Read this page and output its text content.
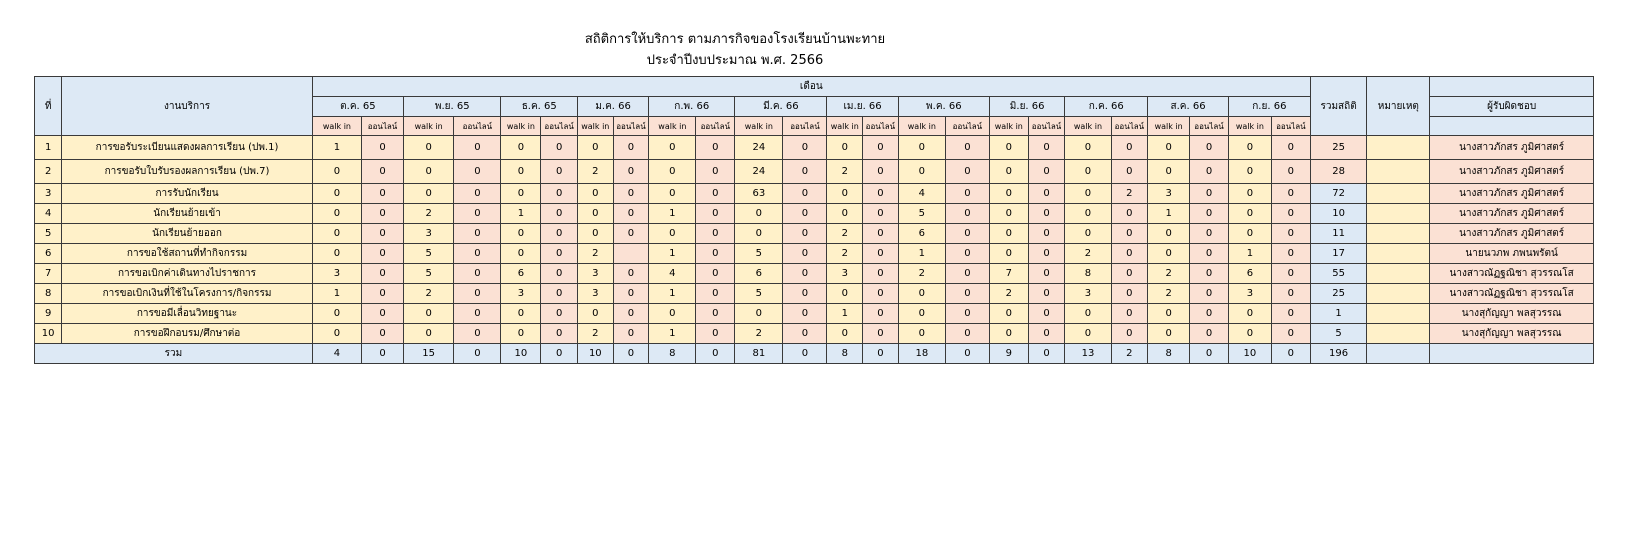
สถิติการให้บริการ ตามภารกิจของโรงเรียนบ้านพะทาย
ประจำปีงบประมาณ พ.ศ. 2566
ที่	งานบริการ	เดือน																								รวมสถิติ	หมายเหตุ	
		ต.ค. 65		พ.ย. 65		ธ.ค. 65		ม.ค. 66		ก.พ. 66		มี.ค. 66		เม.ย. 66		พ.ค. 66		มิ.ย. 66		ก.ค. 66		ส.ค. 66		ก.ย. 66				ผู้รับผิดชอบ
		walk in	ออนไลน์	walk in	ออนไลน์	walk in	ออนไลน์	walk in	ออนไลน์	walk in	ออนไลน์	walk in	ออนไลน์	walk in	ออนไลน์	walk in	ออนไลน์	walk in	ออนไลน์	walk in	ออนไลน์	walk in	ออนไลน์	walk in	ออนไลน์			
1	การขอรับระเบียนแสดงผลการเรียน (ปพ.1)	1	0	0	0	0	0	0	0	0	0	24	0	0	0	0	0	0	0	0	0	0	0	0	0	25		นางสาวภักสร ภูมิศาสตร์
2	การขอรับใบรับรองผลการเรียน (ปพ.7)	0	0	0	0	0	0	2	0	0	0	24	0	2	0	0	0	0	0	0	0	0	0	0	0	28		นางสาวภักสร ภูมิศาสตร์
3	การรับนักเรียน	0	0	0	0	0	0	0	0	0	0	63	0	0	0	4	0	0	0	0	2	3	0	0	0	72		นางสาวภักสร ภูมิศาสตร์
4	นักเรียนย้ายเข้า	0	0	2	0	1	0	0	0	1	0	0	0	0	0	5	0	0	0	0	0	1	0	0	0	10		นางสาวภักสร ภูมิศาสตร์
5	นักเรียนย้ายออก	0	0	3	0	0	0	0	0	0	0	0	0	2	0	6	0	0	0	0	0	0	0	0	0	11		นางสาวภักสร ภูมิศาสตร์
6	การขอใช้สถานที่ทำกิจกรรม	0	0	5	0	0	0	2		1	0	5	0	2	0	1	0	0	0	2	0	0	0	1	0	17		นายนวภพ ภพนพรัตน์
7	การขอเบิกค่าเดินทางไปราชการ	3	0	5	0	6	0	3	0	4	0	6	0	3	0	2	0	7	0	8	0	2	0	6	0	55		นางสาวณัฏฐณิชา สุวรรณโส
8	การขอเบิกเงินที่ใช้ในโครงการ/กิจกรรม	1	0	2	0	3	0	3	0	1	0	5	0	0	0	0	0	2	0	3	0	2	0	3	0	25		นางสาวณัฏฐณิชา สุวรรณโส
9	การขอมีเลื่อนวิทยฐานะ	0	0	0	0	0	0	0	0	0	0	0	0	1	0	0	0	0	0	0	0	0	0	0	0	1		นางสุกัญญา พลสุวรรณ
10	การขอฝึกอบรม/ศึกษาต่อ	0	0	0	0	0	0	2	0	1	0	2	0	0	0	0	0	0	0	0	0	0	0	0	0	5		นางสุกัญญา พลสุวรรณ
รวม		4	0	15	0	10	0	10	0	8	0	81	0	8	0	18	0	9	0	13	2	8	0	10	0	196		
